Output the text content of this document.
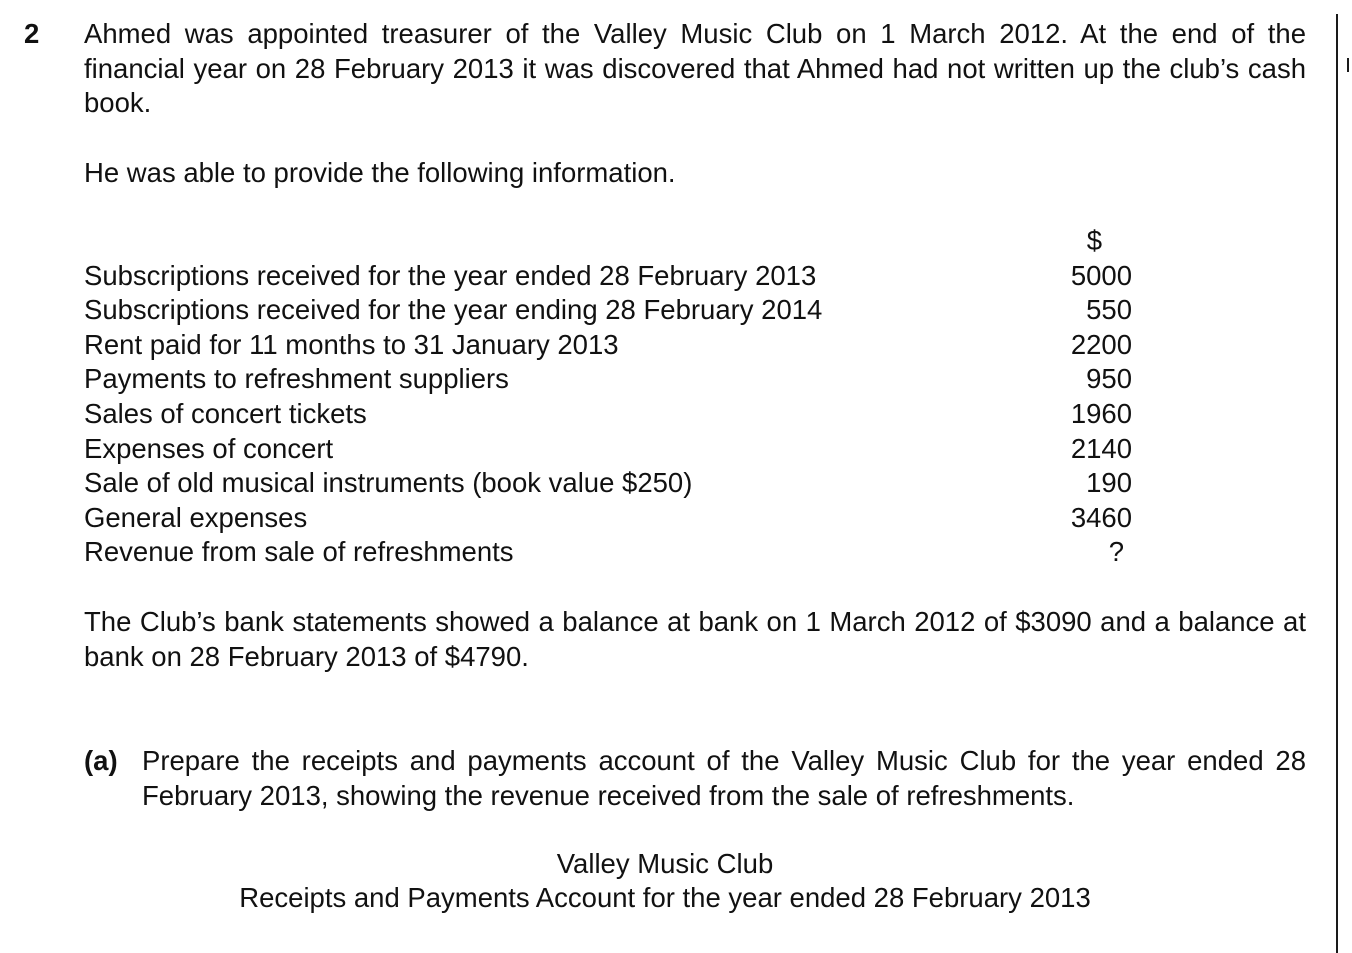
2 Ahmed was appointed treasurer of the Valley Music Club on 1 March 2012. At the end of the financial year on 28 February 2013 it was discovered that Ahmed had not written up the club’s cash book.
He was able to provide the following information.
$
Subscriptions received for the year ended 28 February 2013	5000
Subscriptions received for the year ending 28 February 2014	550
Rent paid for 11 months to 31 January 2013	2200
Payments to refreshment suppliers	950
Sales of concert tickets	1960
Expenses of concert	2140
Sale of old musical instruments (book value $250)	190
General expenses	3460
Revenue from sale of refreshments	?
The Club’s bank statements showed a balance at bank on 1 March 2012 of $3090 and a balance at bank on 28 February 2013 of $4790.
(a) Prepare the receipts and payments account of the Valley Music Club for the year ended 28 February 2013, showing the revenue received from the sale of refreshments.
Valley Music Club
Receipts and Payments Account for the year ended 28 February 2013
